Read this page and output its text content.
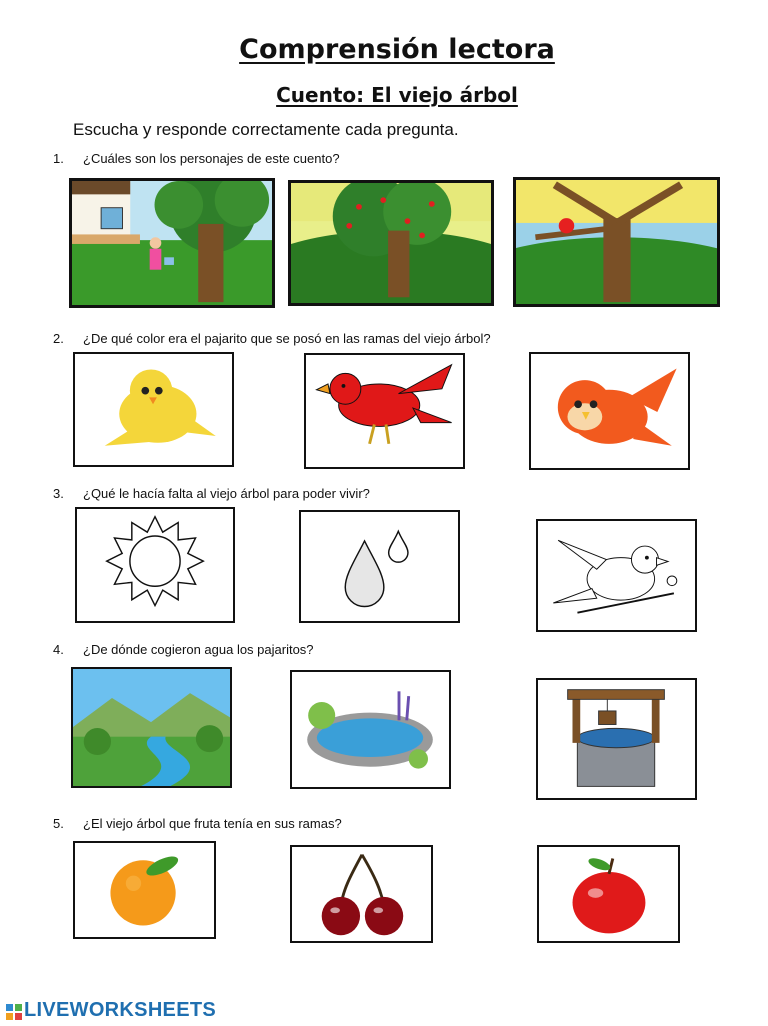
Comprensión lectora
Cuento: El viejo árbol
Escucha y responde correctamente cada pregunta.
1. ¿Cuáles son los personajes de este cuento?
2. ¿De qué color era el pajarito que se posó en las ramas del viejo árbol?
3. ¿Qué le hacía falta al viejo árbol para poder vivir?
4. ¿De dónde cogieron agua los pajaritos?
5. ¿El viejo árbol que fruta tenía en sus ramas?
LIVEWORKSHEETS
